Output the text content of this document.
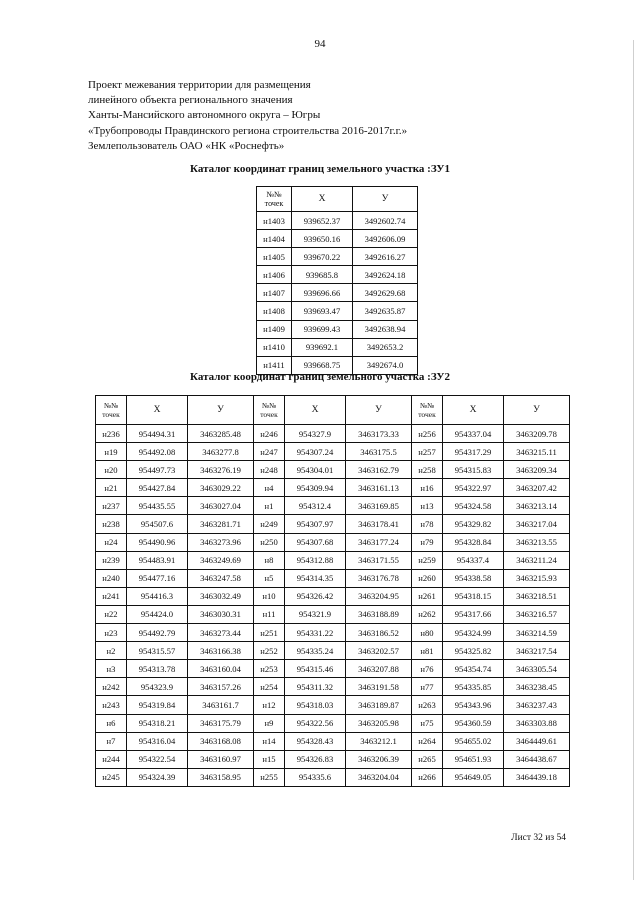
94
Проект межевания территории для размещения
линейного объекта регионального значения
Ханты-Мансийского автономного округа – Югры
«Трубопроводы Правдинского региона строительства 2016-2017г.г.»
Землепользователь ОАО «НК «Роснефть»
Каталог координат границ земельного участка :ЗУ1
№№
точек	Х	У
н1403	939652.37	3492602.74
н1404	939650.16	3492606.09
н1405	939670.22	3492616.27
н1406	939685.8	3492624.18
н1407	939696.66	3492629.68
н1408	939693.47	3492635.87
н1409	939699.43	3492638.94
н1410	939692.1	3492653.2
н1411	939668.75	3492674.0
Каталог координат границ земельного участка :ЗУ2
№№
точек	Х	У	№№
точек	Х	У	№№
точек	Х	У
н236	954494.31	3463285.48	н246	954327.9	3463173.33	н256	954337.04	3463209.78
н19	954492.08	3463277.8	н247	954307.24	3463175.5	н257	954317.29	3463215.11
н20	954497.73	3463276.19	н248	954304.01	3463162.79	н258	954315.83	3463209.34
н21	954427.84	3463029.22	н4	954309.94	3463161.13	н16	954322.97	3463207.42
н237	954435.55	3463027.04	н1	954312.4	3463169.85	н13	954324.58	3463213.14
н238	954507.6	3463281.71	н249	954307.97	3463178.41	н78	954329.82	3463217.04
н24	954490.96	3463273.96	н250	954307.68	3463177.24	н79	954328.84	3463213.55
н239	954483.91	3463249.69	н8	954312.88	3463171.55	н259	954337.4	3463211.24
н240	954477.16	3463247.58	н5	954314.35	3463176.78	н260	954338.58	3463215.93
н241	954416.3	3463032.49	н10	954326.42	3463204.95	н261	954318.15	3463218.51
н22	954424.0	3463030.31	н11	954321.9	3463188.89	н262	954317.66	3463216.57
н23	954492.79	3463273.44	н251	954331.22	3463186.52	н80	954324.99	3463214.59
н2	954315.57	3463166.38	н252	954335.24	3463202.57	н81	954325.82	3463217.54
н3	954313.78	3463160.04	н253	954315.46	3463207.88	н76	954354.74	3463305.54
н242	954323.9	3463157.26	н254	954311.32	3463191.58	н77	954335.85	3463238.45
н243	954319.84	3463161.7	н12	954318.03	3463189.87	н263	954343.96	3463237.43
н6	954318.21	3463175.79	н9	954322.56	3463205.98	н75	954360.59	3463303.88
н7	954316.04	3463168.08	н14	954328.43	3463212.1	н264	954655.02	3464449.61
н244	954322.54	3463160.97	н15	954326.83	3463206.39	н265	954651.93	3464438.67
н245	954324.39	3463158.95	н255	954335.6	3463204.04	н266	954649.05	3464439.18
Лист 32 из 54
